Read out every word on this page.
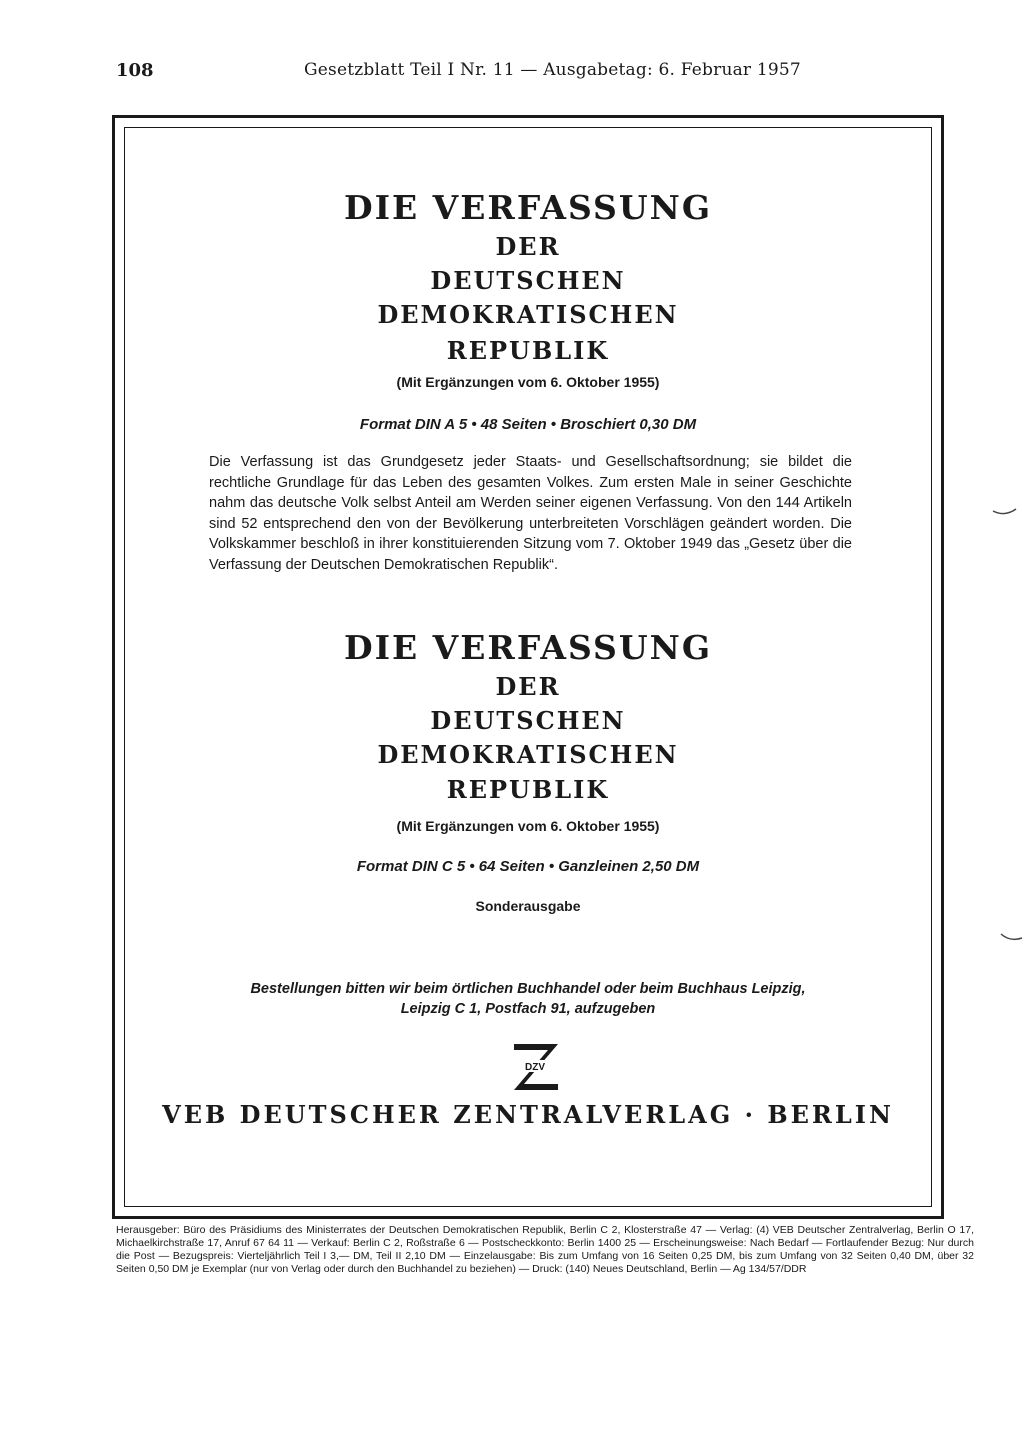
108	Gesetzblatt Teil I Nr. 11 — Ausgabetag: 6. Februar 1957
DIE VERFASSUNG
DER
DEUTSCHEN
DEMOKRATISCHEN
REPUBLIK
(Mit Ergänzungen vom 6. Oktober 1955)
Format DIN A 5 • 48 Seiten • Broschiert 0,30 DM
Die Verfassung ist das Grundgesetz jeder Staats- und Gesellschaftsordnung; sie bildet die rechtliche Grundlage für das Leben des gesamten Volkes. Zum ersten Male in seiner Geschichte nahm das deutsche Volk selbst Anteil am Werden seiner eigenen Verfassung. Von den 144 Artikeln sind 52 entsprechend den von der Bevölkerung unterbreiteten Vorschlägen geändert worden. Die Volkskammer beschloß in ihrer konstituierenden Sitzung vom 7. Oktober 1949 das „Gesetz über die Verfassung der Deutschen Demokratischen Republik“.
DIE VERFASSUNG
DER
DEUTSCHEN
DEMOKRATISCHEN
REPUBLIK
(Mit Ergänzungen vom 6. Oktober 1955)
Format DIN C 5 • 64 Seiten • Ganzleinen 2,50 DM
Sonderausgabe
Bestellungen bitten wir beim örtlichen Buchhandel oder beim Buchhaus Leipzig,
Leipzig C 1, Postfach 91, aufzugeben
DZV
VEB DEUTSCHER ZENTRALVERLAG · BERLIN
Herausgeber: Büro des Präsidiums des Ministerrates der Deutschen Demokratischen Republik, Berlin C 2, Klosterstraße 47 — Verlag: (4) VEB Deutscher Zentralverlag, Berlin O 17, Michaelkirchstraße 17, Anruf 67 64 11 — Verkauf: Berlin C 2, Roßstraße 6 — Postscheckkonto: Berlin 1400 25 — Erscheinungsweise: Nach Bedarf — Fortlaufender Bezug: Nur durch die Post — Bezugspreis: Vierteljährlich Teil I 3,— DM, Teil II 2,10 DM — Einzelausgabe: Bis zum Umfang von 16 Seiten 0,25 DM, bis zum Umfang von 32 Seiten 0,40 DM, über 32 Seiten 0,50 DM je Exemplar (nur von Verlag oder durch den Buchhandel zu beziehen) — Druck: (140) Neues Deutschland, Berlin — Ag 134/57/DDR
